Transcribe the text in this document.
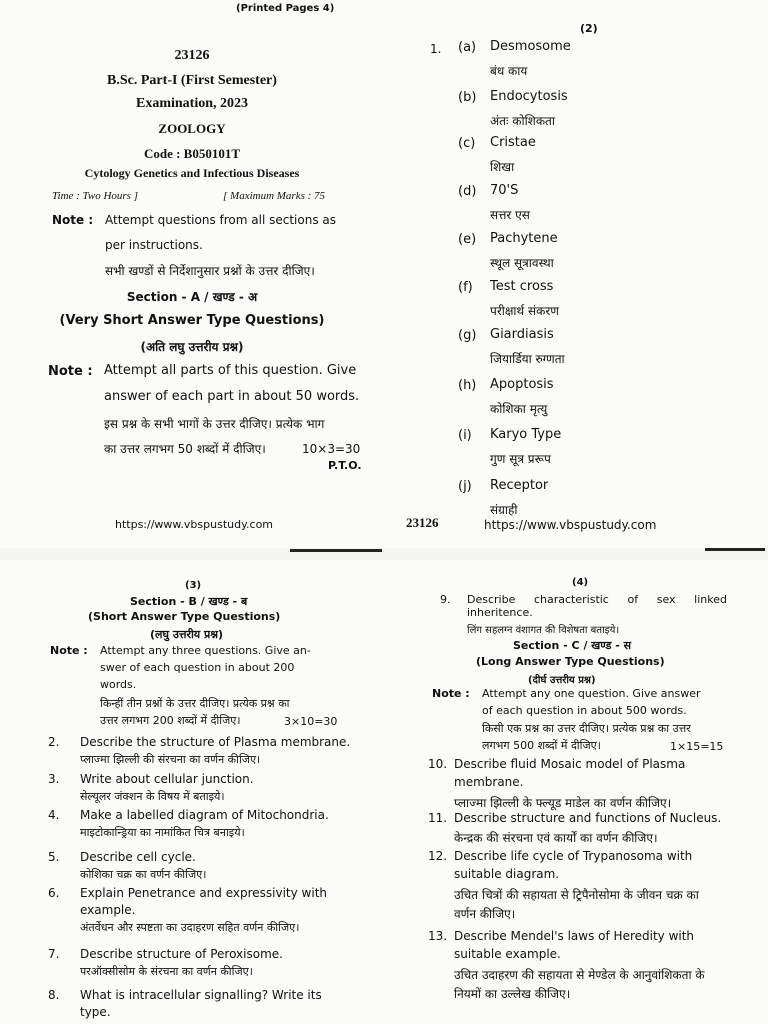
(Printed Pages 4)
23126
B.Sc. Part-I (First Semester)
Examination, 2023
ZOOLOGY
Code : B050101T
Cytology Genetics and Infectious Diseases
Time : Two Hours ]	[ Maximum Marks : 75
Note : Attempt questions from all sections as
per instructions.
सभी खण्डों से निर्देशानुसार प्रश्नों के उत्तर दीजिए।
Section - A / खण्ड - अ
(Very Short Answer Type Questions)
(अति लघु उत्तरीय प्रश्न)
Note : Attempt all parts of this question. Give
answer of each part in about 50 words.
इस प्रश्न के सभी भागों के उत्तर दीजिए। प्रत्येक भाग
का उत्तर लगभग 50 शब्दों में दीजिए।	10×3=30
P.T.O.
https://www.vbspustudy.com
(2)
1. (a) Desmosome
बंध काय
(b) Endocytosis
अंतः कोशिकता
(c) Cristae
शिखा
(d) 70'S
सत्तर एस
(e) Pachytene
स्थूल सूत्रावस्था
(f) Test cross
परीक्षार्थ संकरण
(g) Giardiasis
जियार्डिया रुग्णता
(h) Apoptosis
कोशिका मृत्यु
(i) Karyo Type
गुण सूत्र प्ररूप
(j) Receptor
संग्राही
23126	https://www.vbspustudy.com
(3)
Section - B / खण्ड - ब
(Short Answer Type Questions)
(लघु उत्तरीय प्रश्न)
Note : Attempt any three questions. Give an-
swer of each question in about 200
words.
किन्हीं तीन प्रश्नों के उत्तर दीजिए। प्रत्येक प्रश्न का
उत्तर लगभग 200 शब्दों में दीजिए।	3×10=30
2. Describe the structure of Plasma membrane.
प्लाज्मा झिल्ली की संरचना का वर्णन कीजिए।
3. Write about cellular junction.
सेल्यूलर जंक्शन के विषय में बताइये।
4. Make a labelled diagram of Mitochondria.
माइटोकान्ड्रिया का नामांकित चित्र बनाइये।
5. Describe cell cycle.
कोशिका चक्र का वर्णन कीजिए।
6. Explain Penetrance and expressivity with
example.
अंतर्वेधन और स्पष्टता का उदाहरण सहित वर्णन कीजिए।
7. Describe structure of Peroxisome.
परऑक्सीसोम के संरचना का वर्णन कीजिए।
8. What is intracellular signalling? Write its
type.
(4)
9. Describe characteristic of sex linked
inheritence.
लिंग सहलग्न वंशागत की विशेषता बताइये।
Section - C / खण्ड - स
(Long Answer Type Questions)
(दीर्घ उत्तरीय प्रश्न)
Note : Attempt any one question. Give answer
of each question in about 500 words.
किसी एक प्रश्न का उत्तर दीजिए। प्रत्येक प्रश्न का उत्तर
लगभग 500 शब्दों में दीजिए।	1×15=15
10. Describe fluid Mosaic model of Plasma
membrane.
प्लाज्मा झिल्ली के फ्ल्यूड माडेल का वर्णन कीजिए।
11. Describe structure and functions of Nucleus.
केन्द्रक की संरचना एवं कार्यों का वर्णन कीजिए।
12. Describe life cycle of Trypanosoma with
suitable diagram.
उचित चित्रों की सहायता से ट्रिपैनोसोमा के जीवन चक्र का
वर्णन कीजिए।
13. Describe Mendel's laws of Heredity with
suitable example.
उचित उदाहरण की सहायता से मेण्डेल के आनुवांशिकता के
नियमों का उल्लेख कीजिए।
